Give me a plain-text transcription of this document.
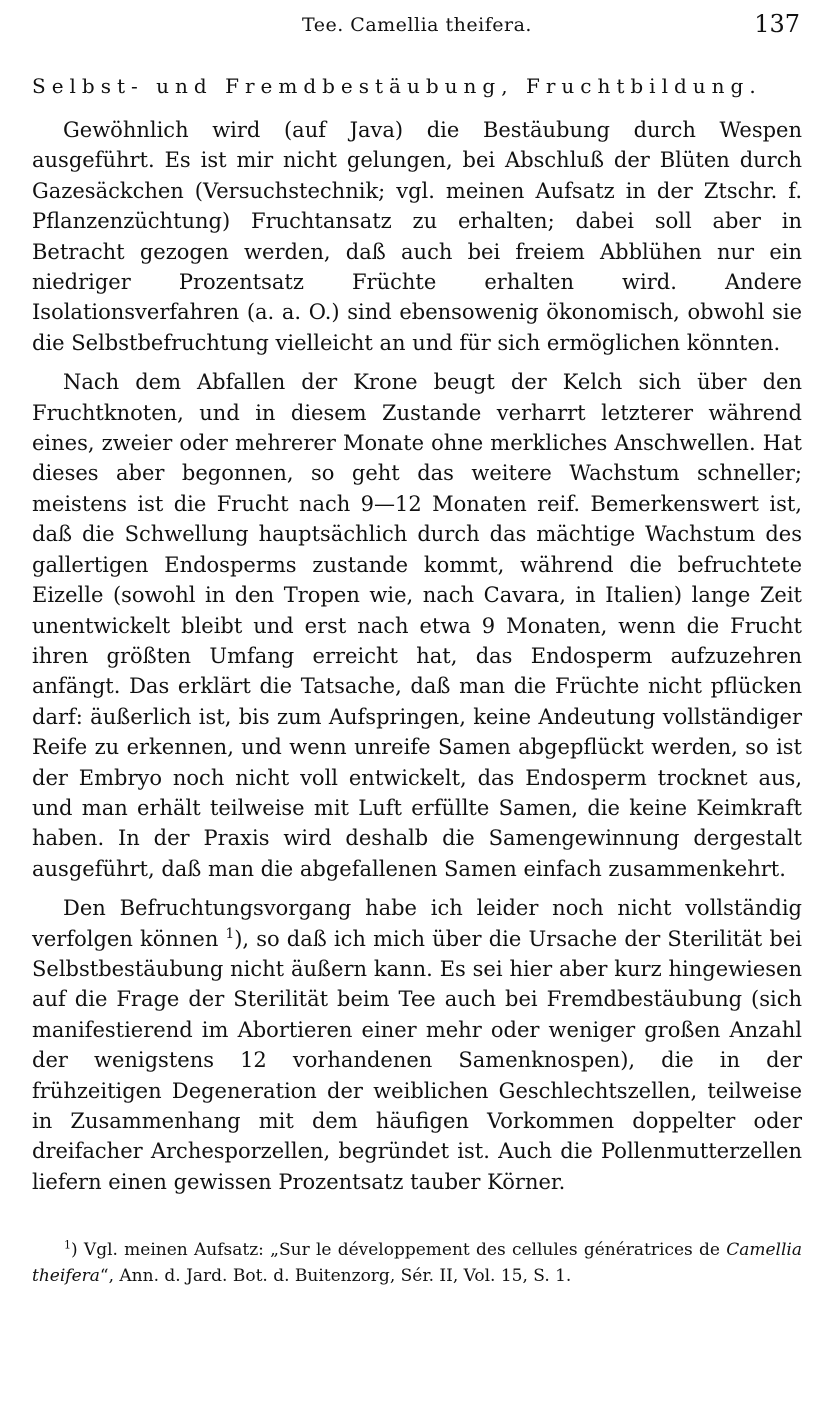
Tee. Camellia theifera.	137
Selbst- und Fremdbestäubung, Fruchtbildung.

Gewöhnlich wird (auf Java) die Bestäubung durch Wespen ausgeführt. Es ist mir nicht gelungen, bei Abschluß der Blüten durch Gazesäckchen (Versuchstechnik; vgl. meinen Aufsatz in der Ztschr. f. Pflanzenzüchtung) Fruchtansatz zu erhalten; dabei soll aber in Betracht gezogen werden, daß auch bei freiem Abblühen nur ein niedriger Prozentsatz Früchte erhalten wird. Andere Isolationsverfahren (a. a. O.) sind ebensowenig ökonomisch, obwohl sie die Selbstbefruchtung vielleicht an und für sich ermöglichen könnten.

Nach dem Abfallen der Krone beugt der Kelch sich über den Fruchtknoten, und in diesem Zustande verharrt letzterer während eines, zweier oder mehrerer Monate ohne merkliches Anschwellen. Hat dieses aber begonnen, so geht das weitere Wachstum schneller; meistens ist die Frucht nach 9—12 Monaten reif. Bemerkenswert ist, daß die Schwellung hauptsächlich durch das mächtige Wachstum des gallertigen Endosperms zustande kommt, während die befruchtete Eizelle (sowohl in den Tropen wie, nach Cavara, in Italien) lange Zeit unentwickelt bleibt und erst nach etwa 9 Monaten, wenn die Frucht ihren größten Umfang erreicht hat, das Endosperm aufzuzehren anfängt. Das erklärt die Tatsache, daß man die Früchte nicht pflücken darf: äußerlich ist, bis zum Aufspringen, keine Andeutung vollständiger Reife zu erkennen, und wenn unreife Samen abgepflückt werden, so ist der Embryo noch nicht voll entwickelt, das Endosperm trocknet aus, und man erhält teilweise mit Luft erfüllte Samen, die keine Keimkraft haben. In der Praxis wird deshalb die Samengewinnung dergestalt ausgeführt, daß man die abgefallenen Samen einfach zusammenkehrt.

Den Befruchtungsvorgang habe ich leider noch nicht vollständig verfolgen können $^1$), so daß ich mich über die Ursache der Sterilität bei Selbstbestäubung nicht äußern kann. Es sei hier aber kurz hingewiesen auf die Frage der Sterilität beim Tee auch bei Fremdbestäubung (sich manifestierend im Abortieren einer mehr oder weniger großen Anzahl der wenigstens 12 vorhandenen Samenknospen), die in der frühzeitigen Degeneration der weiblichen Geschlechtszellen, teilweise in Zusammenhang mit dem häufigen Vorkommen doppelter oder dreifacher Archesporzellen, begründet ist. Auch die Pollenmutterzellen liefern einen gewissen Prozentsatz tauber Körner.

$^1$) Vgl. meinen Aufsatz: „Sur le développement des cellules génératrices de Camellia theifera“, Ann. d. Jard. Bot. d. Buitenzorg, Sér. II, Vol. 15, S. 1.
